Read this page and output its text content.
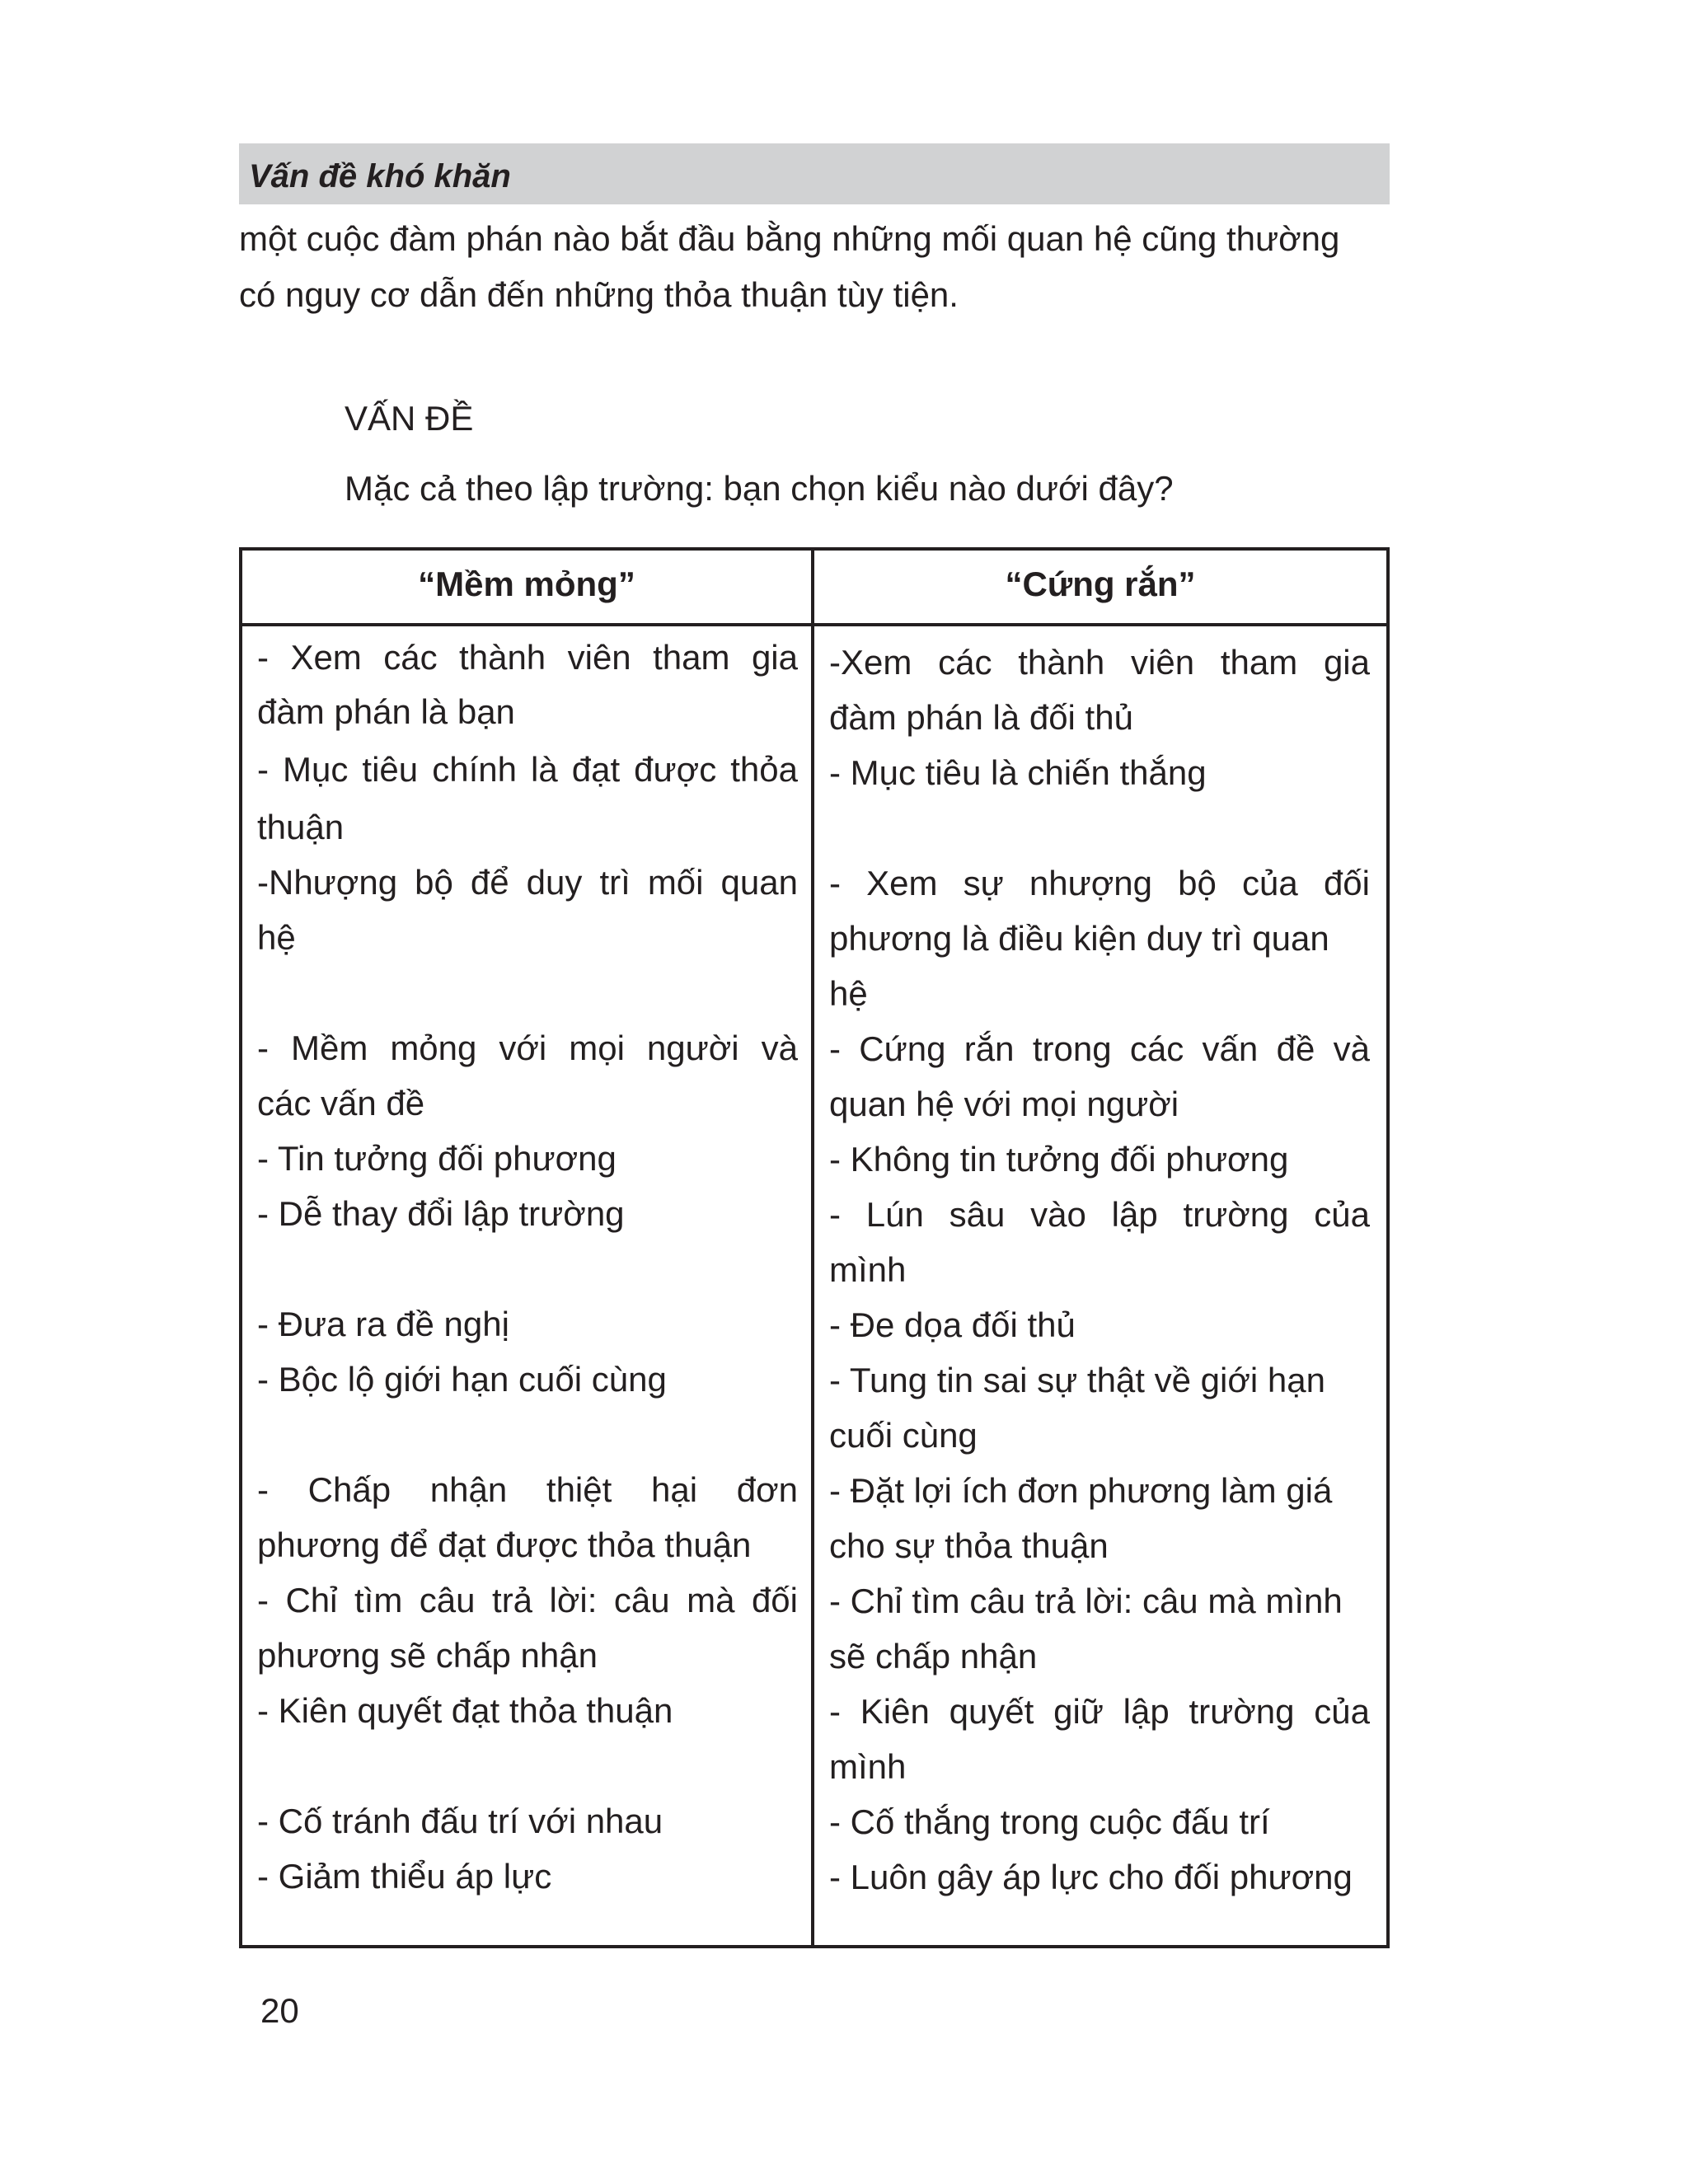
Vấn đề khó khăn
một cuộc đàm phán nào bắt đầu bằng những mối quan hệ cũng thường
có nguy cơ dẫn đến những thỏa thuận tùy tiện.
VẤN ĐỀ
Mặc cả theo lập trường: bạn chọn kiểu nào dưới đây?
“Mềm mỏng”	“Cứng rắn”
- Xem các thành viên tham gia
đàm phán là bạn
- Mục tiêu chính là đạt được thỏa
thuận
-Nhượng bộ để duy trì mối quan
hệ
- Mềm mỏng với mọi người và
các vấn đề
- Tin tưởng đối phương
- Dễ thay đổi lập trường
- Đưa ra đề nghị
- Bộc lộ giới hạn cuối cùng
- Chấp nhận thiệt hại đơn
phương để đạt được thỏa thuận
- Chỉ tìm câu trả lời: câu mà đối
phương sẽ chấp nhận
- Kiên quyết đạt thỏa thuận
- Cố tránh đấu trí với nhau
- Giảm thiểu áp lực
-Xem các thành viên tham gia
đàm phán là đối thủ
- Mục tiêu là chiến thắng
- Xem sự nhượng bộ của đối
phương là điều kiện duy trì quan
hệ
- Cứng rắn trong các vấn đề và
quan hệ với mọi người
- Không tin tưởng đối phương
- Lún sâu vào lập trường của
mình
- Đe dọa đối thủ
- Tung tin sai sự thật về giới hạn
cuối cùng
- Đặt lợi ích đơn phương làm giá
cho sự thỏa thuận
- Chỉ tìm câu trả lời: câu mà mình
sẽ chấp nhận
- Kiên quyết giữ lập trường của
mình
- Cố thắng trong cuộc đấu trí
- Luôn gây áp lực cho đối phương
20
